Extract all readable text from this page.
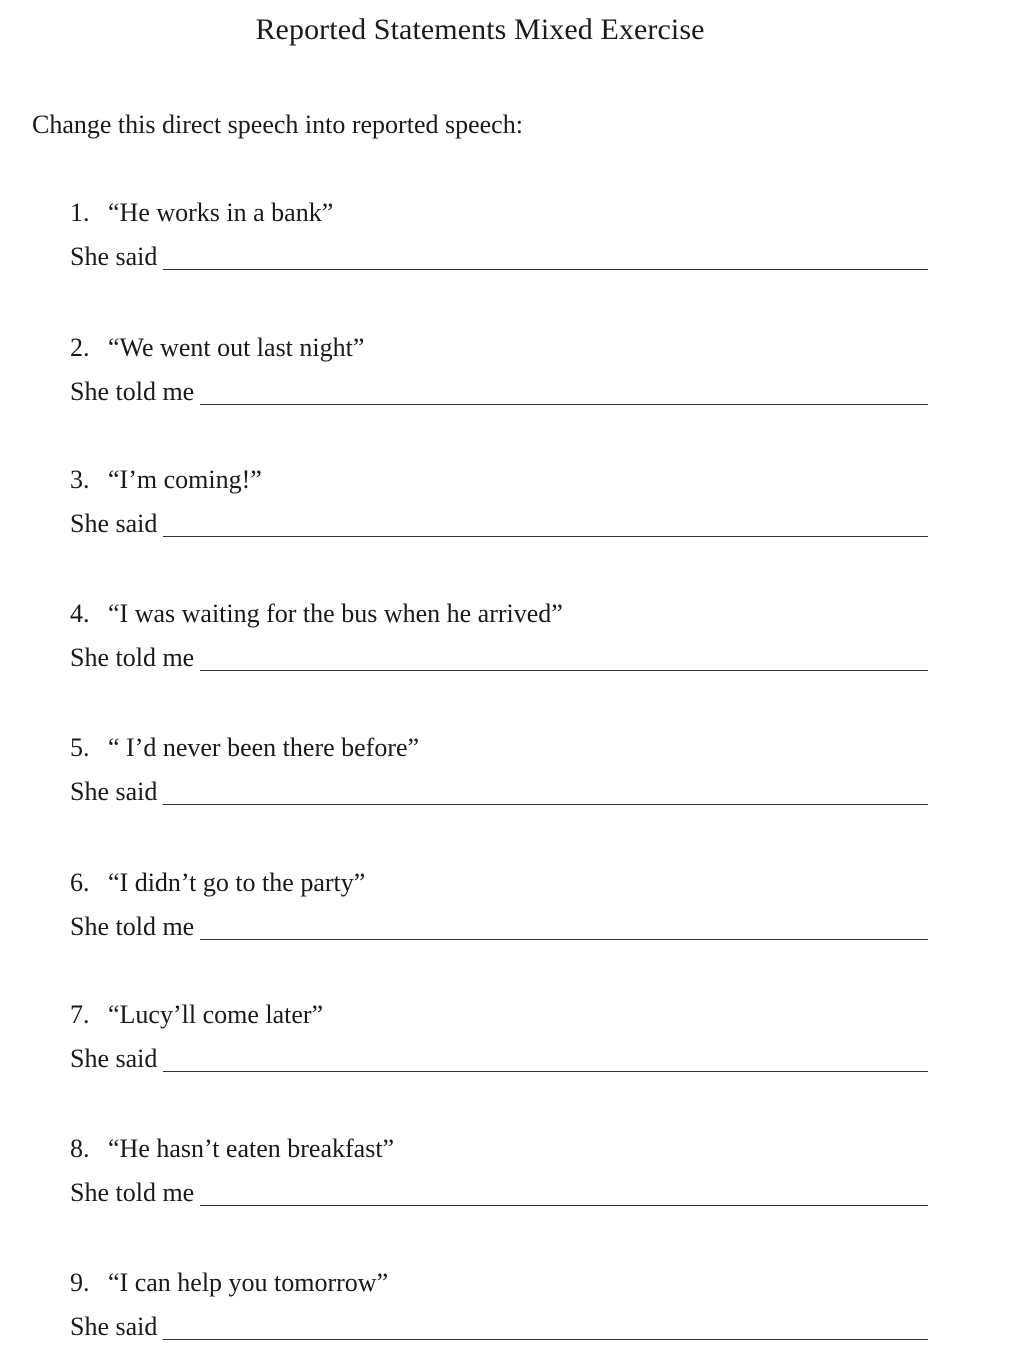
Reported Statements Mixed Exercise
Change this direct speech into reported speech:
1. “He works in a bank”
She said
2. “We went out last night”
She told me
3. “I’m coming!”
She said
4. “I was waiting for the bus when he arrived”
She told me
5. “ I’d never been there before”
She said
6. “I didn’t go to the party”
She told me
7. “Lucy’ll come later”
She said
8. “He hasn’t eaten breakfast”
She told me
9. “I can help you tomorrow”
She said
